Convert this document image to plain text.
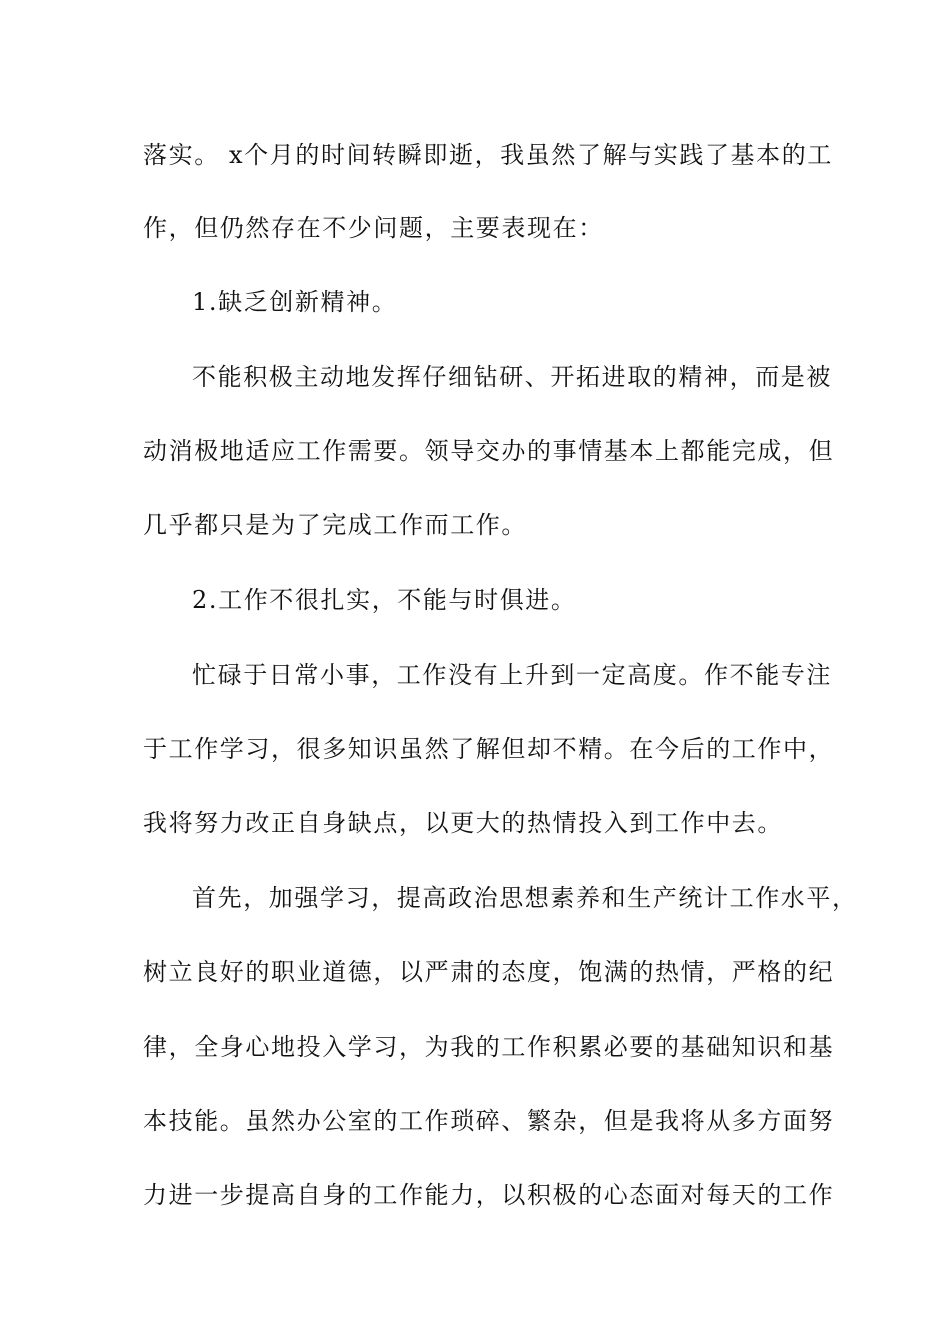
落实。 x个月的时间转瞬即逝，我虽然了解与实践了基本的工
作，但仍然存在不少问题，主要表现在：
1.缺乏创新精神。
不能积极主动地发挥仔细钻研、开拓进取的精神，而是被
动消极地适应工作需要。领导交办的事情基本上都能完成，但
几乎都只是为了完成工作而工作。
2.工作不很扎实，不能与时俱进。
忙碌于日常小事，工作没有上升到一定高度。作不能专注
于工作学习，很多知识虽然了解但却不精。在今后的工作中，
我将努力改正自身缺点，以更大的热情投入到工作中去。
首先，加强学习，提高政治思想素养和生产统计工作水平，
树立良好的职业道德，以严肃的态度，饱满的热情，严格的纪
律，全身心地投入学习，为我的工作积累必要的基础知识和基
本技能。虽然办公室的工作琐碎、繁杂，但是我将从多方面努
力进一步提高自身的工作能力，以积极的心态面对每天的工作
